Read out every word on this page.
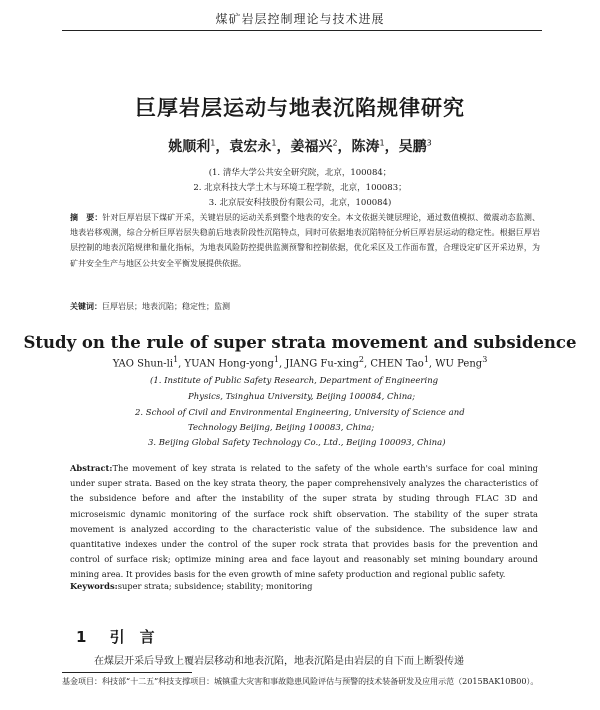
煤矿岩层控制理论与技术进展
巨厚岩层运动与地表沉陷规律研究
姚顺利$^1$，袁宏永$^1$，姜福兴$^2$，陈涛$^1$，吴鹏$^3$
(1. 清华大学公共安全研究院，北京，100084；
2. 北京科技大学土木与环境工程学院，北京，100083；
3. 北京辰安科技股份有限公司，北京，100084)
摘　要：针对巨厚岩层下煤矿开采，关键岩层的运动关系到整个地表的安全。本文依据关键层理论，通过数值模拟、微震动态监测、地表岩移观测，综合分析巨厚岩层失稳前后地表阶段性沉陷特点，同时可依据地表沉陷特征分析巨厚岩层运动的稳定性。根据巨厚岩层控制的地表沉陷规律和量化指标，为地表风险防控提供监测预警和控制依据，优化采区及工作面布置，合理设定矿区开采边界，为矿井安全生产与地区公共安全平衡发展提供依据。
关键词：巨厚岩层；地表沉陷；稳定性；监测
Study on the rule of super strata movement and subsidence
YAO Shun-$li^1$, YUAN Hong-yong$^1$, JIANG Fu-xing$^2$, CHEN Tao$^1$, WU Peng$^3$
(1. Institute of Public Safety Research, Department of Engineering
Physics, Tsinghua University, Beijing 100084, China;
2. School of Civil and Environmental Engineering, University of Science and
Technology Beijing, Beijing 100083, China;
3. Beijing Global Safety Technology Co., Ltd., Beijing 100093, China)
Abstract:The movement of key strata is related to the safety of the whole earth's surface for coal mining under super strata. Based on the key strata theory, the paper comprehensively analyzes the characteristics of the subsidence before and after the instability of the super strata by studing through FLAC 3D and microseismic dynamic monitoring of the surface rock shift observation. The stability of the super strata movement is analyzed according to the characteristic value of the subsidence. The subsidence law and quantitative indexes under the control of the super rock strata that provides basis for the prevention and control of surface risk; optimize mining area and face layout and reasonably set mining boundary around mining area. It provides basis for the even growth of mine safety production and regional public safety.
Keywords:super strata; subsidence; stability; monitoring
1 引　言
在煤层开采后导致上覆岩层移动和地表沉陷，地表沉陷是由岩层的自下而上断裂传递
基金项目：科技部“十二五”科技支撑项目：城镇重大灾害和事故隐患风险评估与预警的技术装备研发及应用示范（2015BAK10B00）。
